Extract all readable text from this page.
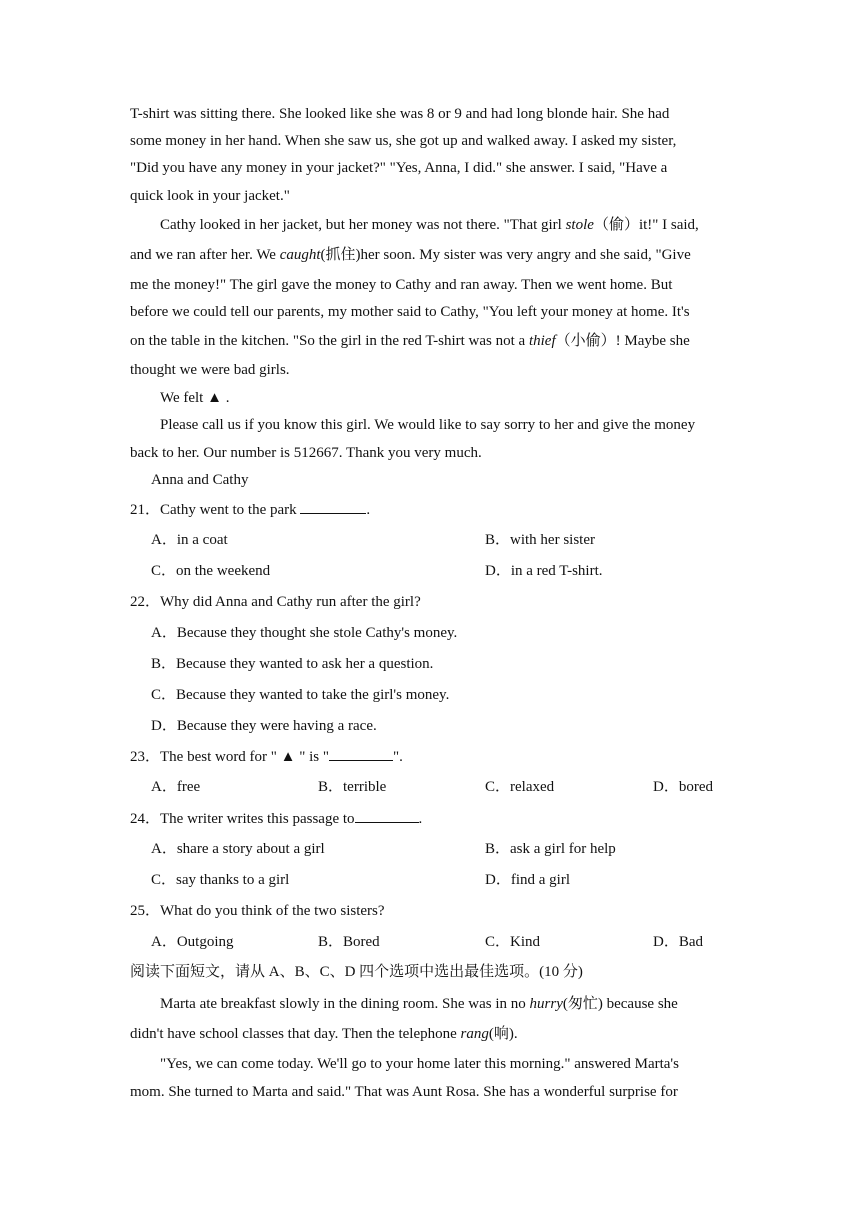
T-shirt was sitting there. She looked like she was 8 or 9 and had long blonde hair. She had
some money in her hand. When she saw us, she got up and walked away. I asked my sister,
"Did you have any money in your jacket?" "Yes, Anna, I did." she answer. I said, "Have a
quick look in your jacket."
Cathy looked in her jacket, but her money was not there. "That girl stole（偷）it!" I said,
and we ran after her. We caught(抓住)her soon. My sister was very angry and she said, "Give
me the money!" The girl gave the money to Cathy and ran away. Then we went home. But
before we could tell our parents, my mother said to Cathy, "You left your money at home. It's
on the table in the kitchen. "So the girl in the red T-shirt was not a thief（小偷）! Maybe she
thought we were bad girls.
We felt ▲ .
Please call us if you know this girl. We would like to say sorry to her and give the money
back to her. Our number is 512667. Thank you very much.
Anna and Cathy
21．Cathy went to the park	.
A．in a coat	B．with her sister
C．on the weekend	D．in a red T-shirt.
22．Why did Anna and Cathy run after the girl?
A．Because they thought she stole Cathy's money.
B．Because they wanted to ask her a question.
C．Because they wanted to take the girl's money.
D．Because they were having a race.
23．The best word for " ▲ " is "	".
A．free	B．terrible	C．relaxed	D．bored
24．The writer writes this passage to	.
A．share a story about a girl	B．ask a girl for help
C．say thanks to a girl	D．find a girl
25．What do you think of the two sisters?
A．Outgoing	B．Bored	C．Kind	D．Bad
阅读下面短文，请从 A、B、C、D 四个选项中选出最佳选项。(10 分)
Marta ate breakfast slowly in the dining room. She was in no hurry(匆忙) because she
didn't have school classes that day. Then the telephone rang(响).
"Yes, we can come today. We'll go to your home later this morning." answered Marta's
mom. She turned to Marta and said." That was Aunt Rosa. She has a wonderful surprise for
